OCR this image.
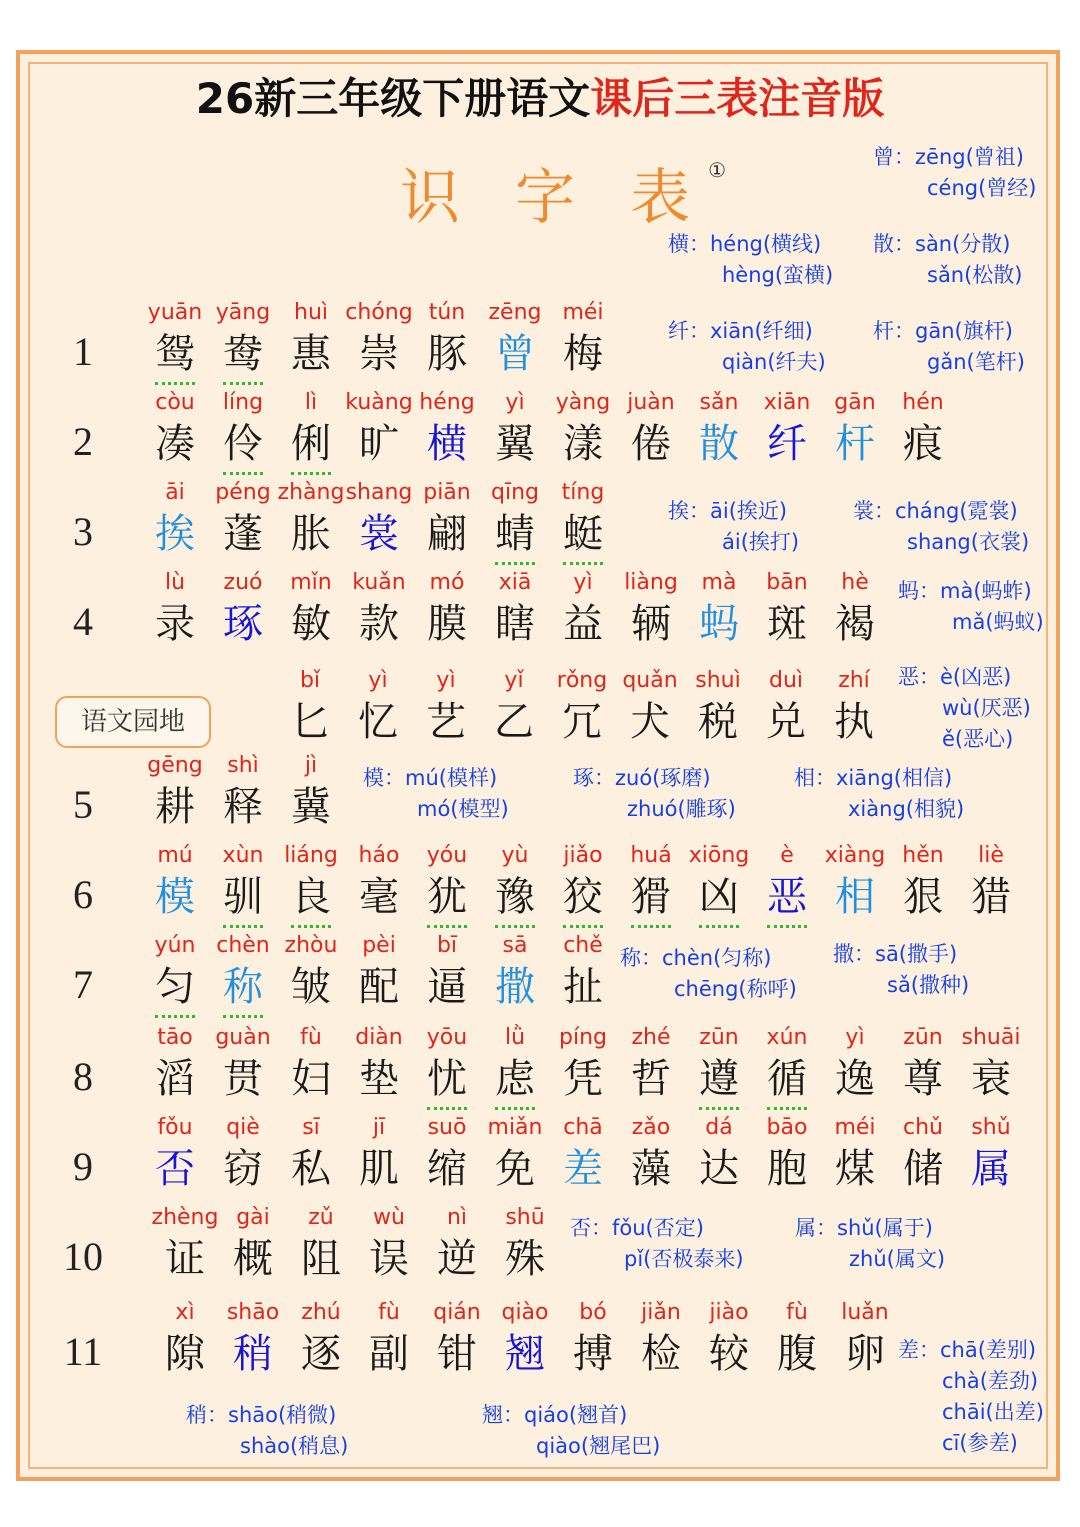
26新三年级下册语文课后三表注音版
识 字 表①
语文园地
1
yuān
鸳
yāng
鸯
huì
惠
chóng
崇
tún
豚
zēng
曾
méi
梅
2
còu
凑
líng
伶
lì
俐
kuàng
旷
héng
横
yì
翼
yàng
漾
juàn
倦
sǎn
散
xiān
纤
gān
杆
hén
痕
3
āi
挨
péng
蓬
zhàng
胀
shang
裳
piān
翩
qīng
蜻
tíng
蜓
4
lù
录
zuó
琢
mǐn
敏
kuǎn
款
mó
膜
xiā
瞎
yì
益
liàng
辆
mà
蚂
bān
斑
hè
褐
bǐ
匕
yì
忆
yì
艺
yǐ
乙
rǒng
冗
quǎn
犬
shuì
税
duì
兑
zhí
执
5
gēng
耕
shì
释
jì
冀
6
mú
模
xùn
驯
liáng
良
háo
毫
yóu
犹
yù
豫
jiǎo
狡
huá
猾
xiōng
凶
è
恶
xiàng
相
hěn
狠
liè
猎
7
yún
匀
chèn
称
zhòu
皱
pèi
配
bī
逼
sā
撒
chě
扯
8
tāo
滔
guàn
贯
fù
妇
diàn
垫
yōu
忧
lǜ
虑
píng
凭
zhé
哲
zūn
遵
xún
循
yì
逸
zūn
尊
shuāi
衰
9
fǒu
否
qiè
窃
sī
私
jī
肌
suō
缩
miǎn
免
chā
差
zǎo
藻
dá
达
bāo
胞
méi
煤
chǔ
储
shǔ
属
10
zhèng
证
gài
概
zǔ
阻
wù
误
nì
逆
shū
殊
11
xì
隙
shāo
稍
zhú
逐
fù
副
qián
钳
qiào
翘
bó
搏
jiǎn
检
jiào
较
fù
腹
luǎn
卵
曾：zēng(曾祖)
céng(曾经)
横：héng(横线)
hèng(蛮横)
散：sàn(分散)
sǎn(松散)
纤：xiān(纤细)
qiàn(纤夫)
杆：gān(旗杆)
gǎn(笔杆)
挨：āi(挨近)
ái(挨打)
裳：cháng(霓裳)
shang(衣裳)
蚂：mà(蚂蚱)
mǎ(蚂蚁)
恶：è(凶恶)
wù(厌恶)
ě(恶心)
模：mú(模样)
mó(模型)
琢：zuó(琢磨)
zhuó(雕琢)
相：xiāng(相信)
xiàng(相貌)
称：chèn(匀称)
chēng(称呼)
撒：sā(撒手)
sǎ(撒种)
否：fǒu(否定)
pǐ(否极泰来)
属：shǔ(属于)
zhǔ(属文)
差：chā(差别)
chà(差劲)
chāi(出差)
cī(参差)
稍：shāo(稍微)
shào(稍息)
翘：qiáo(翘首)
qiào(翘尾巴)
